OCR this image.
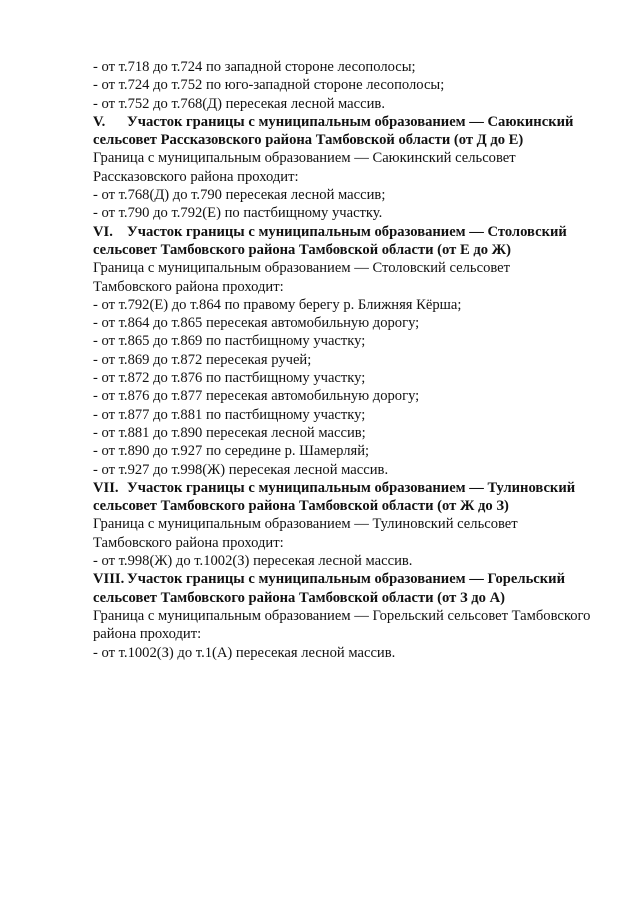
- от т.718 до т.724 по западной стороне лесополосы;
- от т.724 до т.752 по юго-западной стороне лесополосы;
- от т.752 до т.768(Д) пересекая лесной массив.
V. Участок границы с муниципальным образованием — Саюкинский
сельсовет Рассказовского района Тамбовской области (от Д до Е)
Граница с муниципальным образованием — Саюкинский сельсовет
Рассказовского района проходит:
- от т.768(Д) до т.790 пересекая лесной массив;
- от т.790 до т.792(Е) по пастбищному участку.
VI. Участок границы с муниципальным образованием — Столовский
сельсовет Тамбовского района Тамбовской области (от Е до Ж)
Граница с муниципальным образованием — Столовский сельсовет
Тамбовского района проходит:
- от т.792(Е) до т.864 по правому берегу р. Ближняя Кёрша;
- от т.864 до т.865 пересекая автомобильную дорогу;
- от т.865 до т.869 по пастбищному участку;
- от т.869 до т.872 пересекая ручей;
- от т.872 до т.876 по пастбищному участку;
- от т.876 до т.877 пересекая автомобильную дорогу;
- от т.877 до т.881 по пастбищному участку;
- от т.881 до т.890 пересекая лесной массив;
- от т.890 до т.927 по середине р. Шамерляй;
- от т.927 до т.998(Ж) пересекая лесной массив.
VII. Участок границы с муниципальным образованием — Тулиновский
сельсовет Тамбовского района Тамбовской области (от Ж до З)
Граница с муниципальным образованием — Тулиновский сельсовет
Тамбовского района проходит:
- от т.998(Ж) до т.1002(З) пересекая лесной массив.
VIII. Участок границы с муниципальным образованием — Горельский
сельсовет Тамбовского района Тамбовской области (от З до А)
Граница с муниципальным образованием — Горельский сельсовет Тамбовского
района проходит:
- от т.1002(З) до т.1(А) пересекая лесной массив.
